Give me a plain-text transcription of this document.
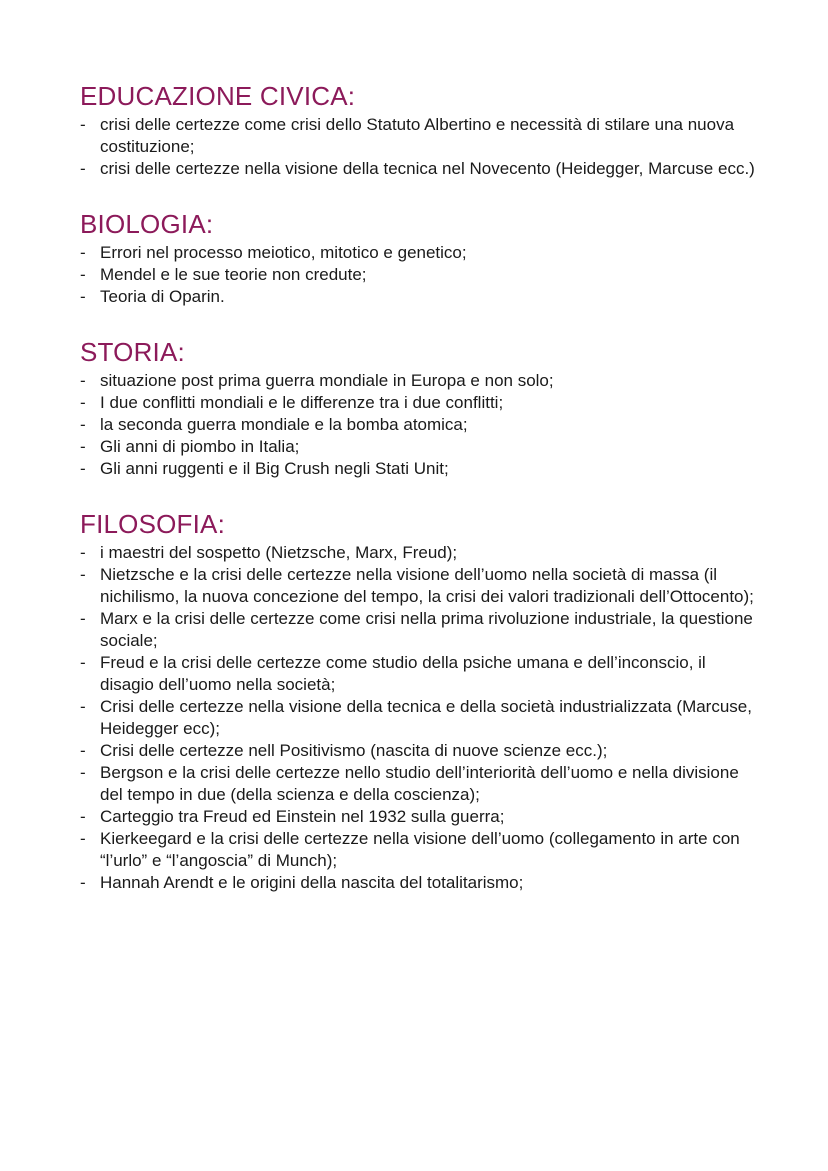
EDUCAZIONE CIVICA:
- crisi delle certezze come crisi dello Statuto Albertino e necessità di stilare una nuova costituzione;
- crisi delle certezze nella visione della tecnica nel Novecento (Heidegger, Marcuse ecc.)
BIOLOGIA:
- Errori nel processo meiotico, mitotico e genetico;
- Mendel e le sue teorie non credute;
- Teoria di Oparin.
STORIA:
- situazione post prima guerra mondiale in Europa e non solo;
- I due conflitti mondiali e le differenze tra i due conflitti;
- la seconda guerra mondiale e la bomba atomica;
- Gli anni di piombo in Italia;
- Gli anni ruggenti e il Big Crush negli Stati Unit;
FILOSOFIA:
- i maestri del sospetto (Nietzsche, Marx, Freud);
- Nietzsche e la crisi delle certezze nella visione dell’uomo nella società di massa (il nichilismo, la nuova concezione del tempo, la crisi dei valori tradizionali dell’Ottocento);
- Marx e la crisi delle certezze come crisi nella prima rivoluzione industriale, la questione sociale;
- Freud e la crisi delle certezze come studio della psiche umana e dell’inconscio, il disagio dell’uomo nella società;
- Crisi delle certezze nella visione della tecnica e della società industrializzata (Marcuse, Heidegger ecc);
- Crisi delle certezze nell Positivismo (nascita di nuove scienze ecc.);
- Bergson e la crisi delle certezze nello studio dell’interiorità dell’uomo e nella divisione del tempo in due (della scienza e della coscienza);
- Carteggio tra Freud ed Einstein nel 1932 sulla guerra;
- Kierkeegard e la crisi delle certezze nella visione dell’uomo (collegamento in arte con “l’urlo” e “l’angoscia” di Munch);
- Hannah Arendt e le origini della nascita del totalitarismo;
